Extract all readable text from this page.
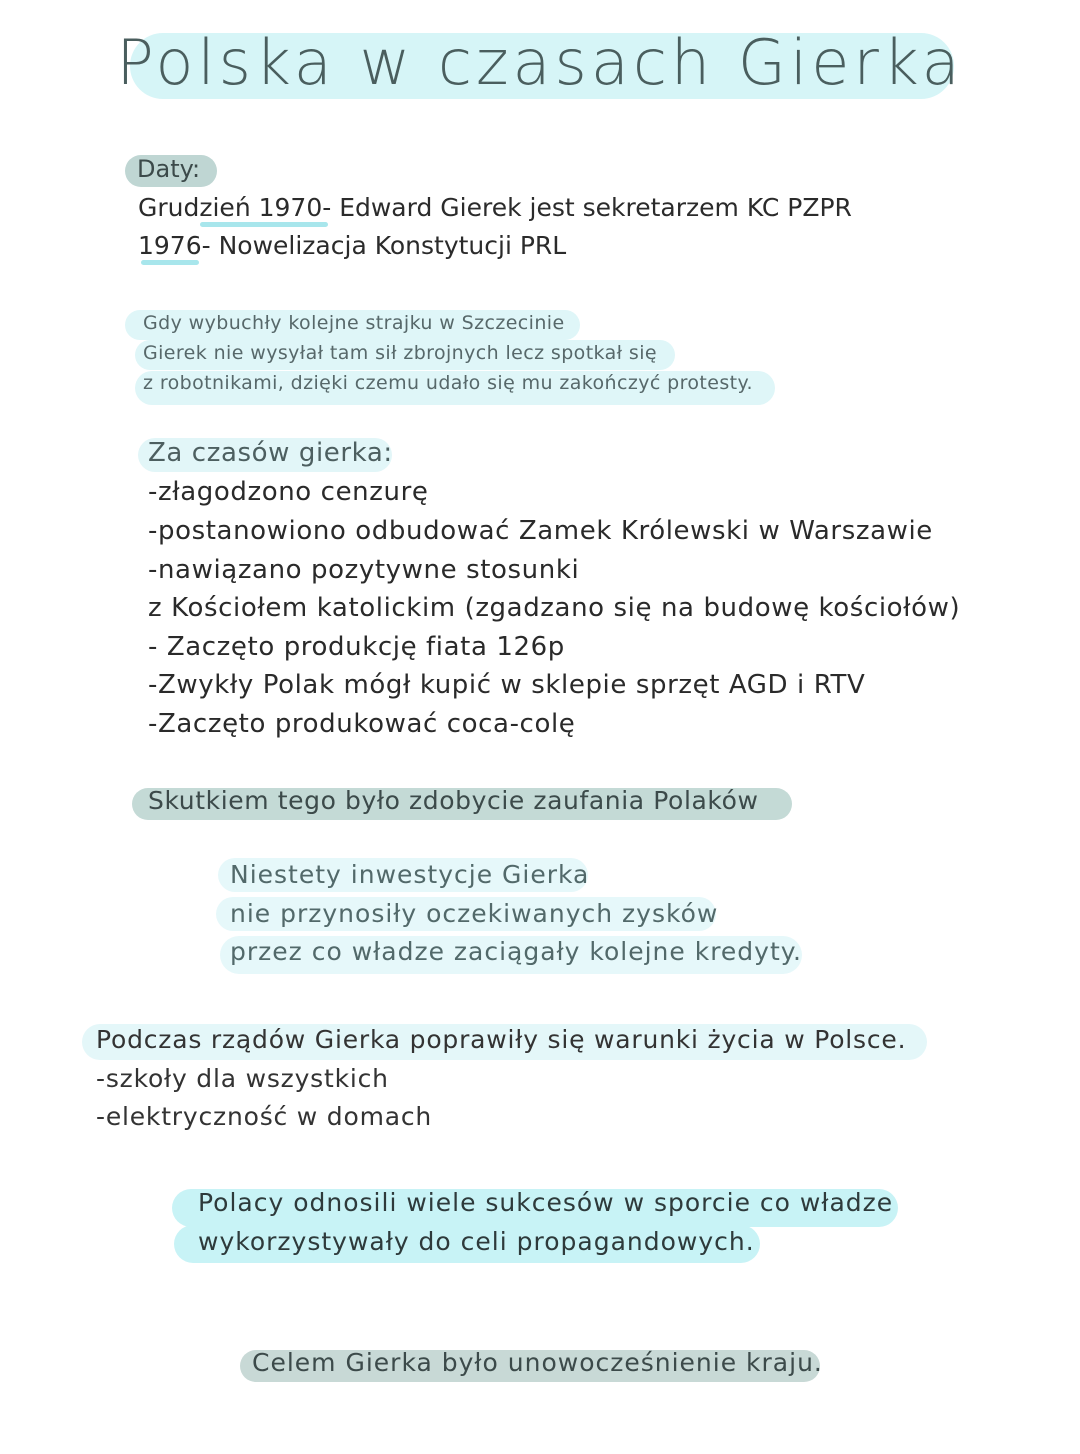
Polska w czasach Gierka
Daty:
Grudzień 1970- Edward Gierek jest sekretarzem KC PZPR
1976- Nowelizacja Konstytucji PRL
Gdy wybuchły kolejne strajku w Szczecinie
Gierek nie wysyłał tam sił zbrojnych lecz spotkał się
z robotnikami, dzięki czemu udało się mu zakończyć protesty.
Za czasów gierka:
-złagodzono cenzurę
-postanowiono odbudować Zamek Królewski w Warszawie
-nawiązano pozytywne stosunki
z Kościołem katolickim (zgadzano się na budowę kościołów)
- Zaczęto produkcję fiata 126p
-Zwykły Polak mógł kupić w sklepie sprzęt AGD i RTV
-Zaczęto produkować coca-colę
Skutkiem tego było zdobycie zaufania Polaków
Niestety inwestycje Gierka
nie przynosiły oczekiwanych zysków
przez co władze zaciągały kolejne kredyty.
Podczas rządów Gierka poprawiły się warunki życia w Polsce.
-szkoły dla wszystkich
-elektryczność w domach
Polacy odnosili wiele sukcesów w sporcie co władze
wykorzystywały do celi propagandowych.
Celem Gierka było unowocześnienie kraju.
